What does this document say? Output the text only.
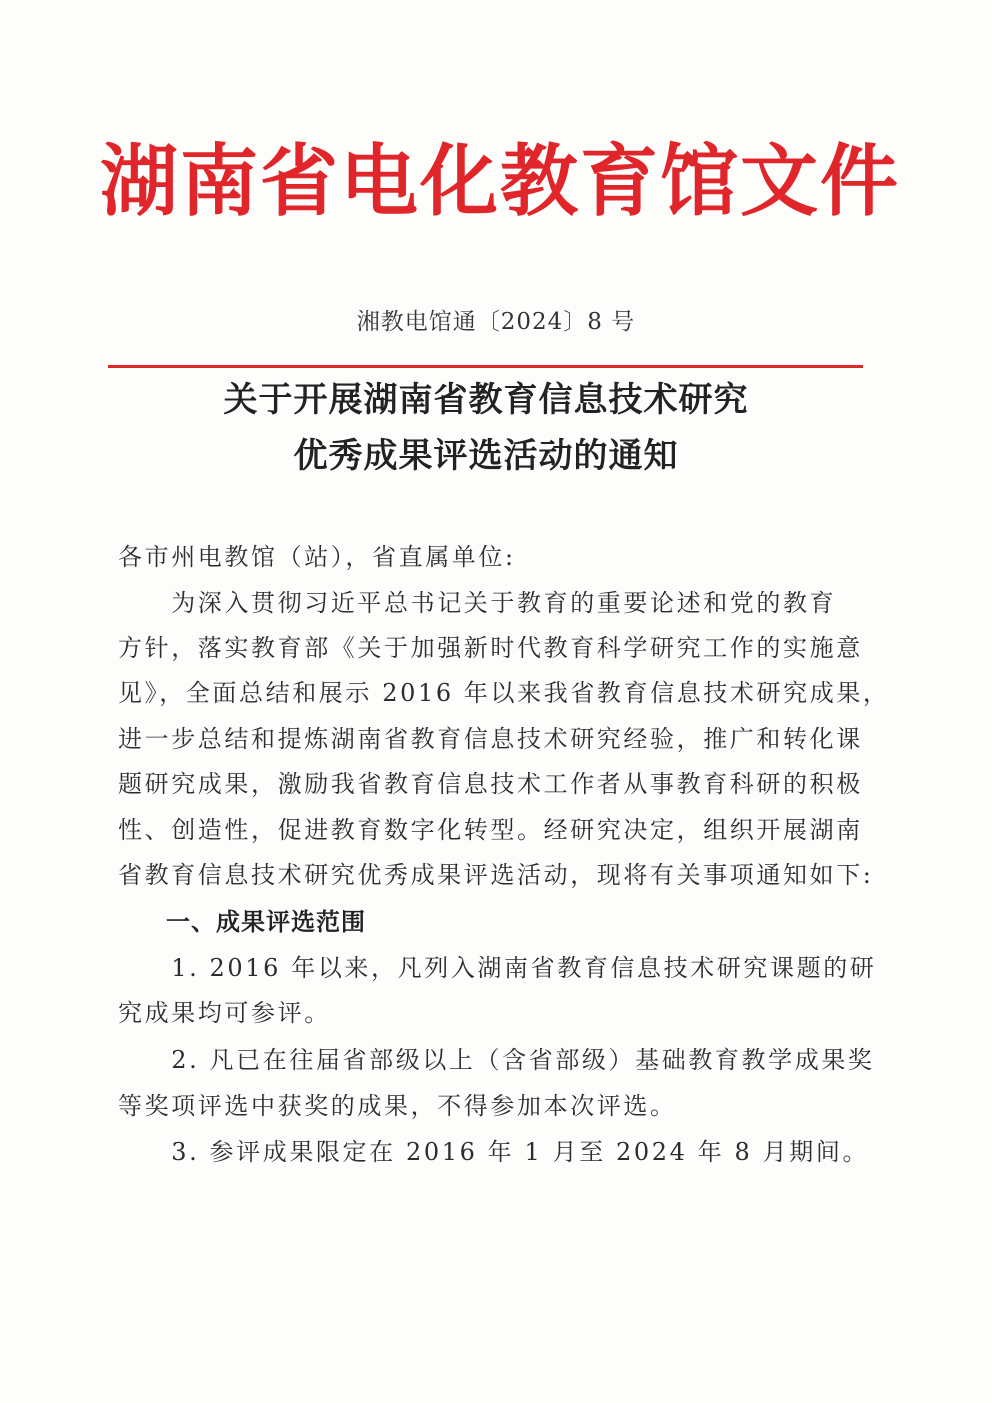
湖南省电化教育馆文件
湘教电馆通〔2024〕8 号
关于开展湖南省教育信息技术研究
优秀成果评选活动的通知
各市州电教馆（站），省直属单位:
　　为深入贯彻习近平总书记关于教育的重要论述和党的教育
方针，落实教育部《关于加强新时代教育科学研究工作的实施意
见》，全面总结和展示 2016 年以来我省教育信息技术研究成果，
进一步总结和提炼湖南省教育信息技术研究经验，推广和转化课
题研究成果，激励我省教育信息技术工作者从事教育科研的积极
性、创造性，促进教育数字化转型。经研究决定，组织开展湖南
省教育信息技术研究优秀成果评选活动，现将有关事项通知如下:
一、成果评选范围
　　1. 2016 年以来，凡列入湖南省教育信息技术研究课题的研
究成果均可参评。
　　2. 凡已在往届省部级以上（含省部级）基础教育教学成果奖
等奖项评选中获奖的成果，不得参加本次评选。
　　3. 参评成果限定在 2016 年 1 月至 2024 年 8 月期间。
